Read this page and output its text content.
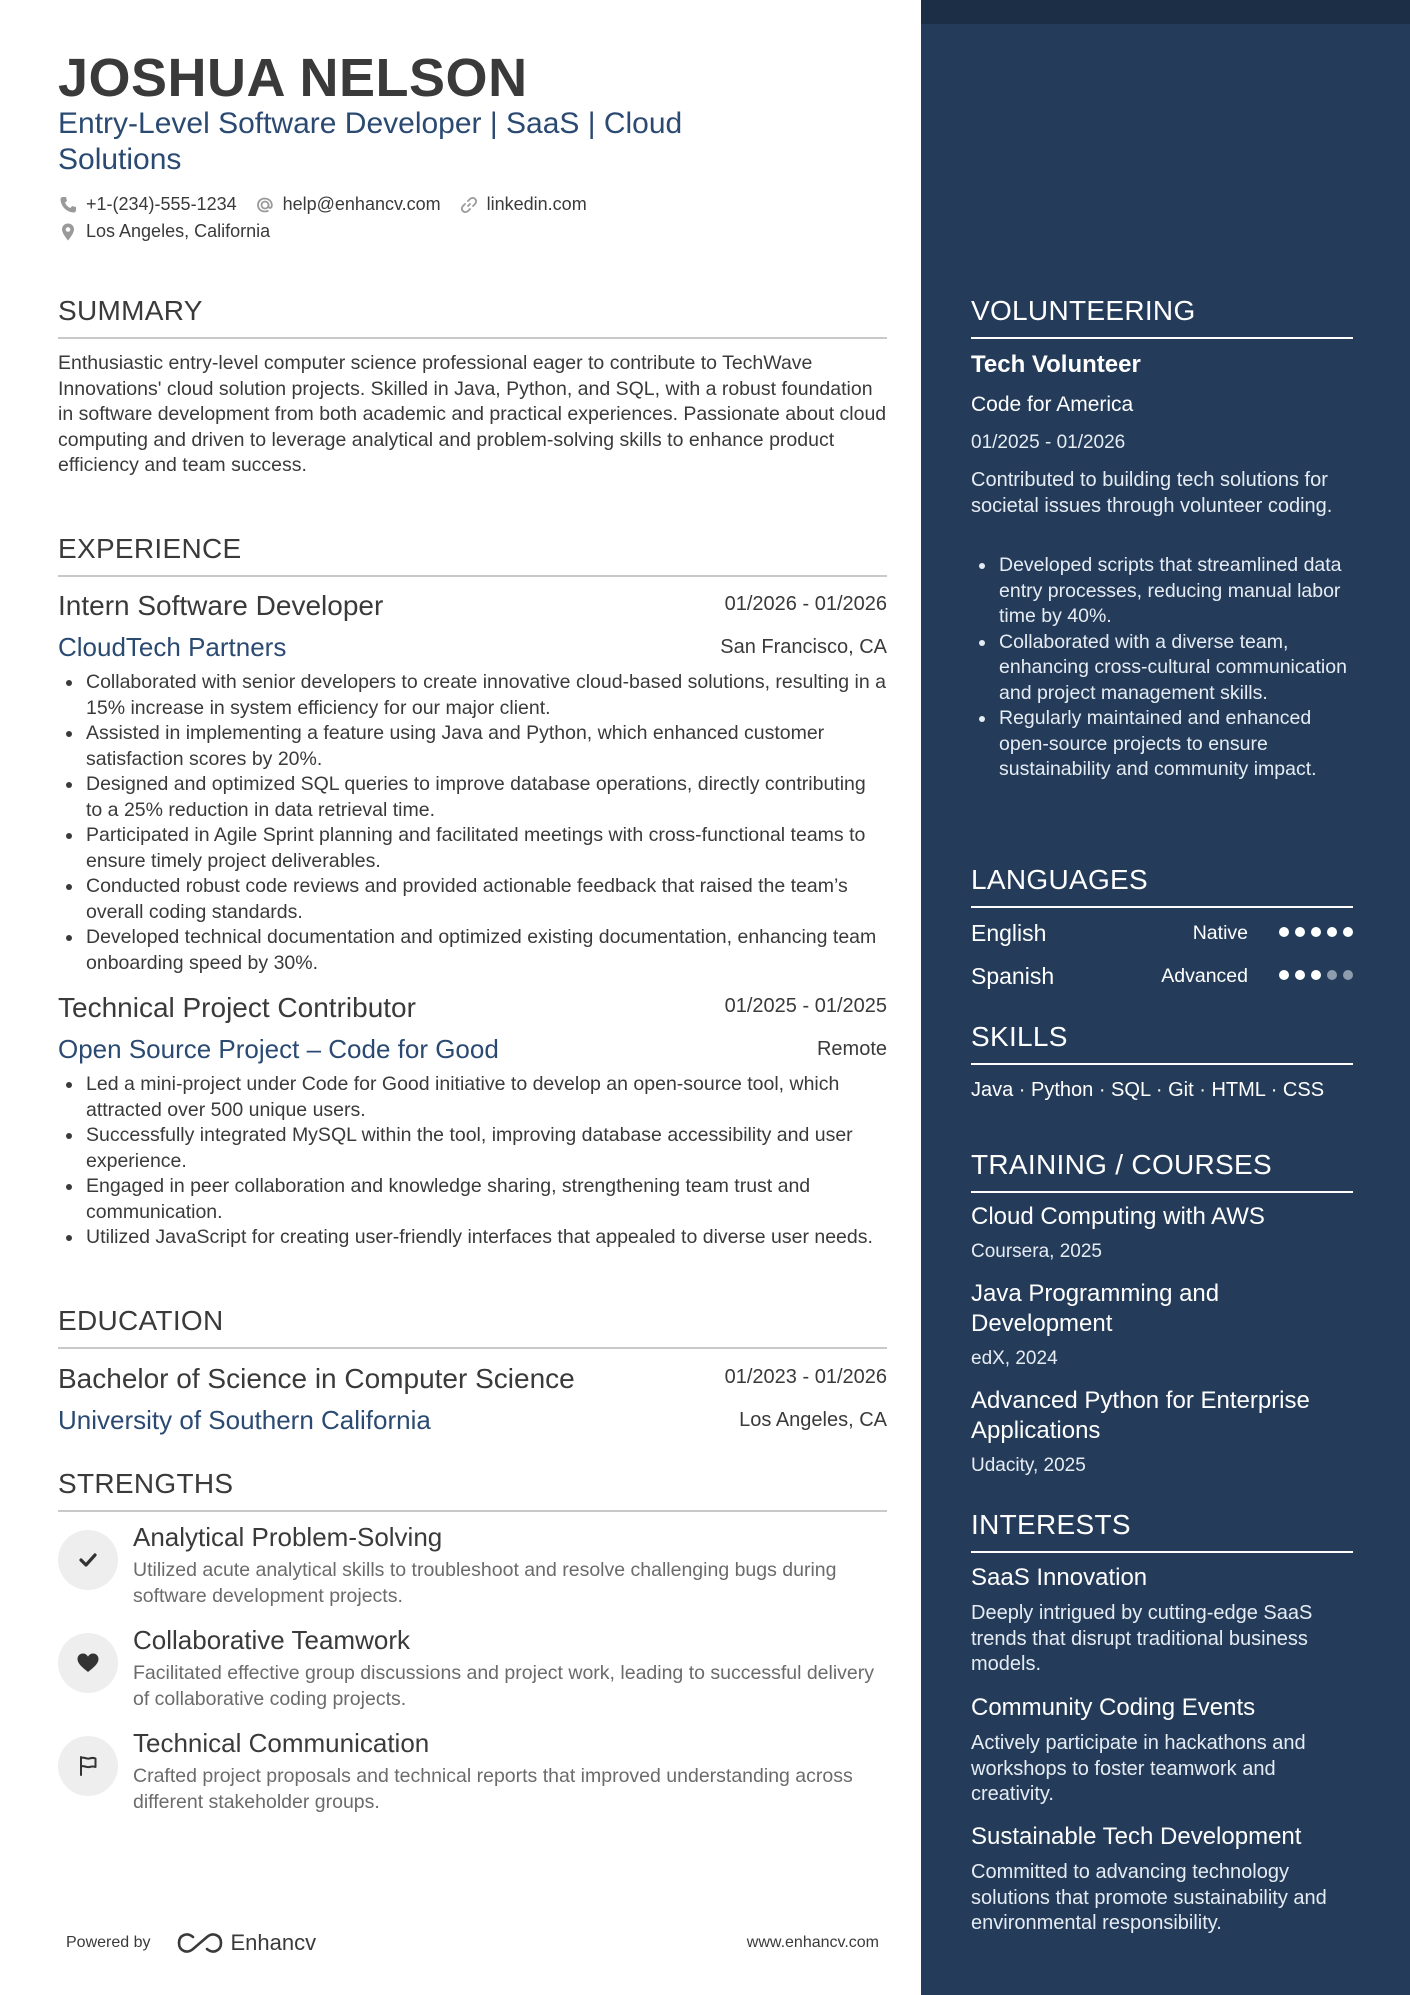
JOSHUA NELSON
Entry-Level Software Developer | SaaS | Cloud Solutions
+1-(234)-555-1234	help@enhancv.com	linkedin.com
Los Angeles, California
SUMMARY
Enthusiastic entry-level computer science professional eager to contribute to TechWave Innovations' cloud solution projects. Skilled in Java, Python, and SQL, with a robust foundation in software development from both academic and practical experiences. Passionate about cloud computing and driven to leverage analytical and problem-solving skills to enhance product efficiency and team success.
EXPERIENCE
Intern Software Developer	01/2026 - 01/2026
CloudTech Partners	San Francisco, CA
Collaborated with senior developers to create innovative cloud-based solutions, resulting in a 15% increase in system efficiency for our major client.
Assisted in implementing a feature using Java and Python, which enhanced customer satisfaction scores by 20%.
Designed and optimized SQL queries to improve database operations, directly contributing to a 25% reduction in data retrieval time.
Participated in Agile Sprint planning and facilitated meetings with cross-functional teams to ensure timely project deliverables.
Conducted robust code reviews and provided actionable feedback that raised the team’s overall coding standards.
Developed technical documentation and optimized existing documentation, enhancing team onboarding speed by 30%.
Technical Project Contributor	01/2025 - 01/2025
Open Source Project – Code for Good	Remote
Led a mini-project under Code for Good initiative to develop an open-source tool, which attracted over 500 unique users.
Successfully integrated MySQL within the tool, improving database accessibility and user experience.
Engaged in peer collaboration and knowledge sharing, strengthening team trust and communication.
Utilized JavaScript for creating user-friendly interfaces that appealed to diverse user needs.
EDUCATION
Bachelor of Science in Computer Science	01/2023 - 01/2026
University of Southern California	Los Angeles, CA
STRENGTHS
Analytical Problem-Solving
Utilized acute analytical skills to troubleshoot and resolve challenging bugs during software development projects.
Collaborative Teamwork
Facilitated effective group discussions and project work, leading to successful delivery of collaborative coding projects.
Technical Communication
Crafted project proposals and technical reports that improved understanding across different stakeholder groups.
Powered by	Enhancv	www.enhancv.com
VOLUNTEERING
Tech Volunteer
Code for America
01/2025 - 01/2026
Contributed to building tech solutions for societal issues through volunteer coding.
Developed scripts that streamlined data entry processes, reducing manual labor time by 40%.
Collaborated with a diverse team, enhancing cross-cultural communication and project management skills.
Regularly maintained and enhanced open-source projects to ensure sustainability and community impact.
LANGUAGES
English	Native
Spanish	Advanced
SKILLS
Java · Python · SQL · Git · HTML · CSS
TRAINING / COURSES
Cloud Computing with AWS
Coursera, 2025
Java Programming and Development
edX, 2024
Advanced Python for Enterprise Applications
Udacity, 2025
INTERESTS
SaaS Innovation
Deeply intrigued by cutting-edge SaaS trends that disrupt traditional business models.
Community Coding Events
Actively participate in hackathons and workshops to foster teamwork and creativity.
Sustainable Tech Development
Committed to advancing technology solutions that promote sustainability and environmental responsibility.
